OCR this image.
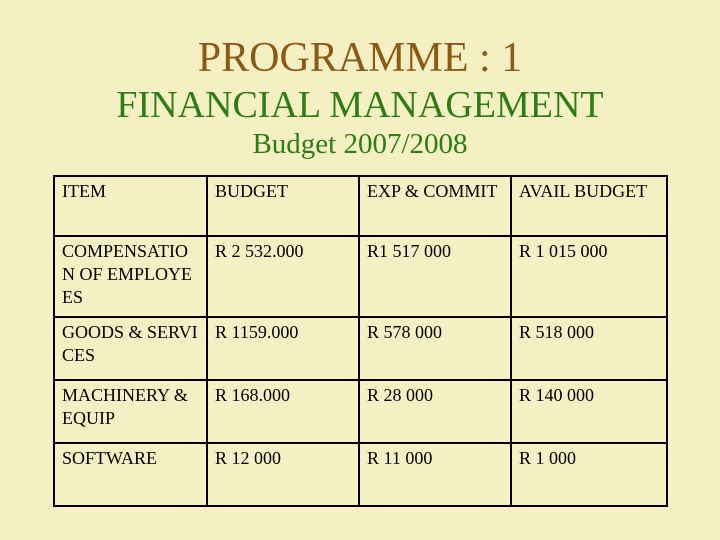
PROGRAMME : 1
FINANCIAL MANAGEMENT
Budget 2007/2008
ITEM	BUDGET	EXP & COMMIT	AVAIL BUDGET
COMPENSATION OF EMPLOYEES	R 2 532.000	R1 517 000	R 1 015 000
GOODS & SERVICES	R 1159.000	R 578 000	R 518 000
MACHINERY & EQUIP	R 168.000	R 28 000	R 140 000
SOFTWARE	R 12 000	R 11 000	R 1 000
